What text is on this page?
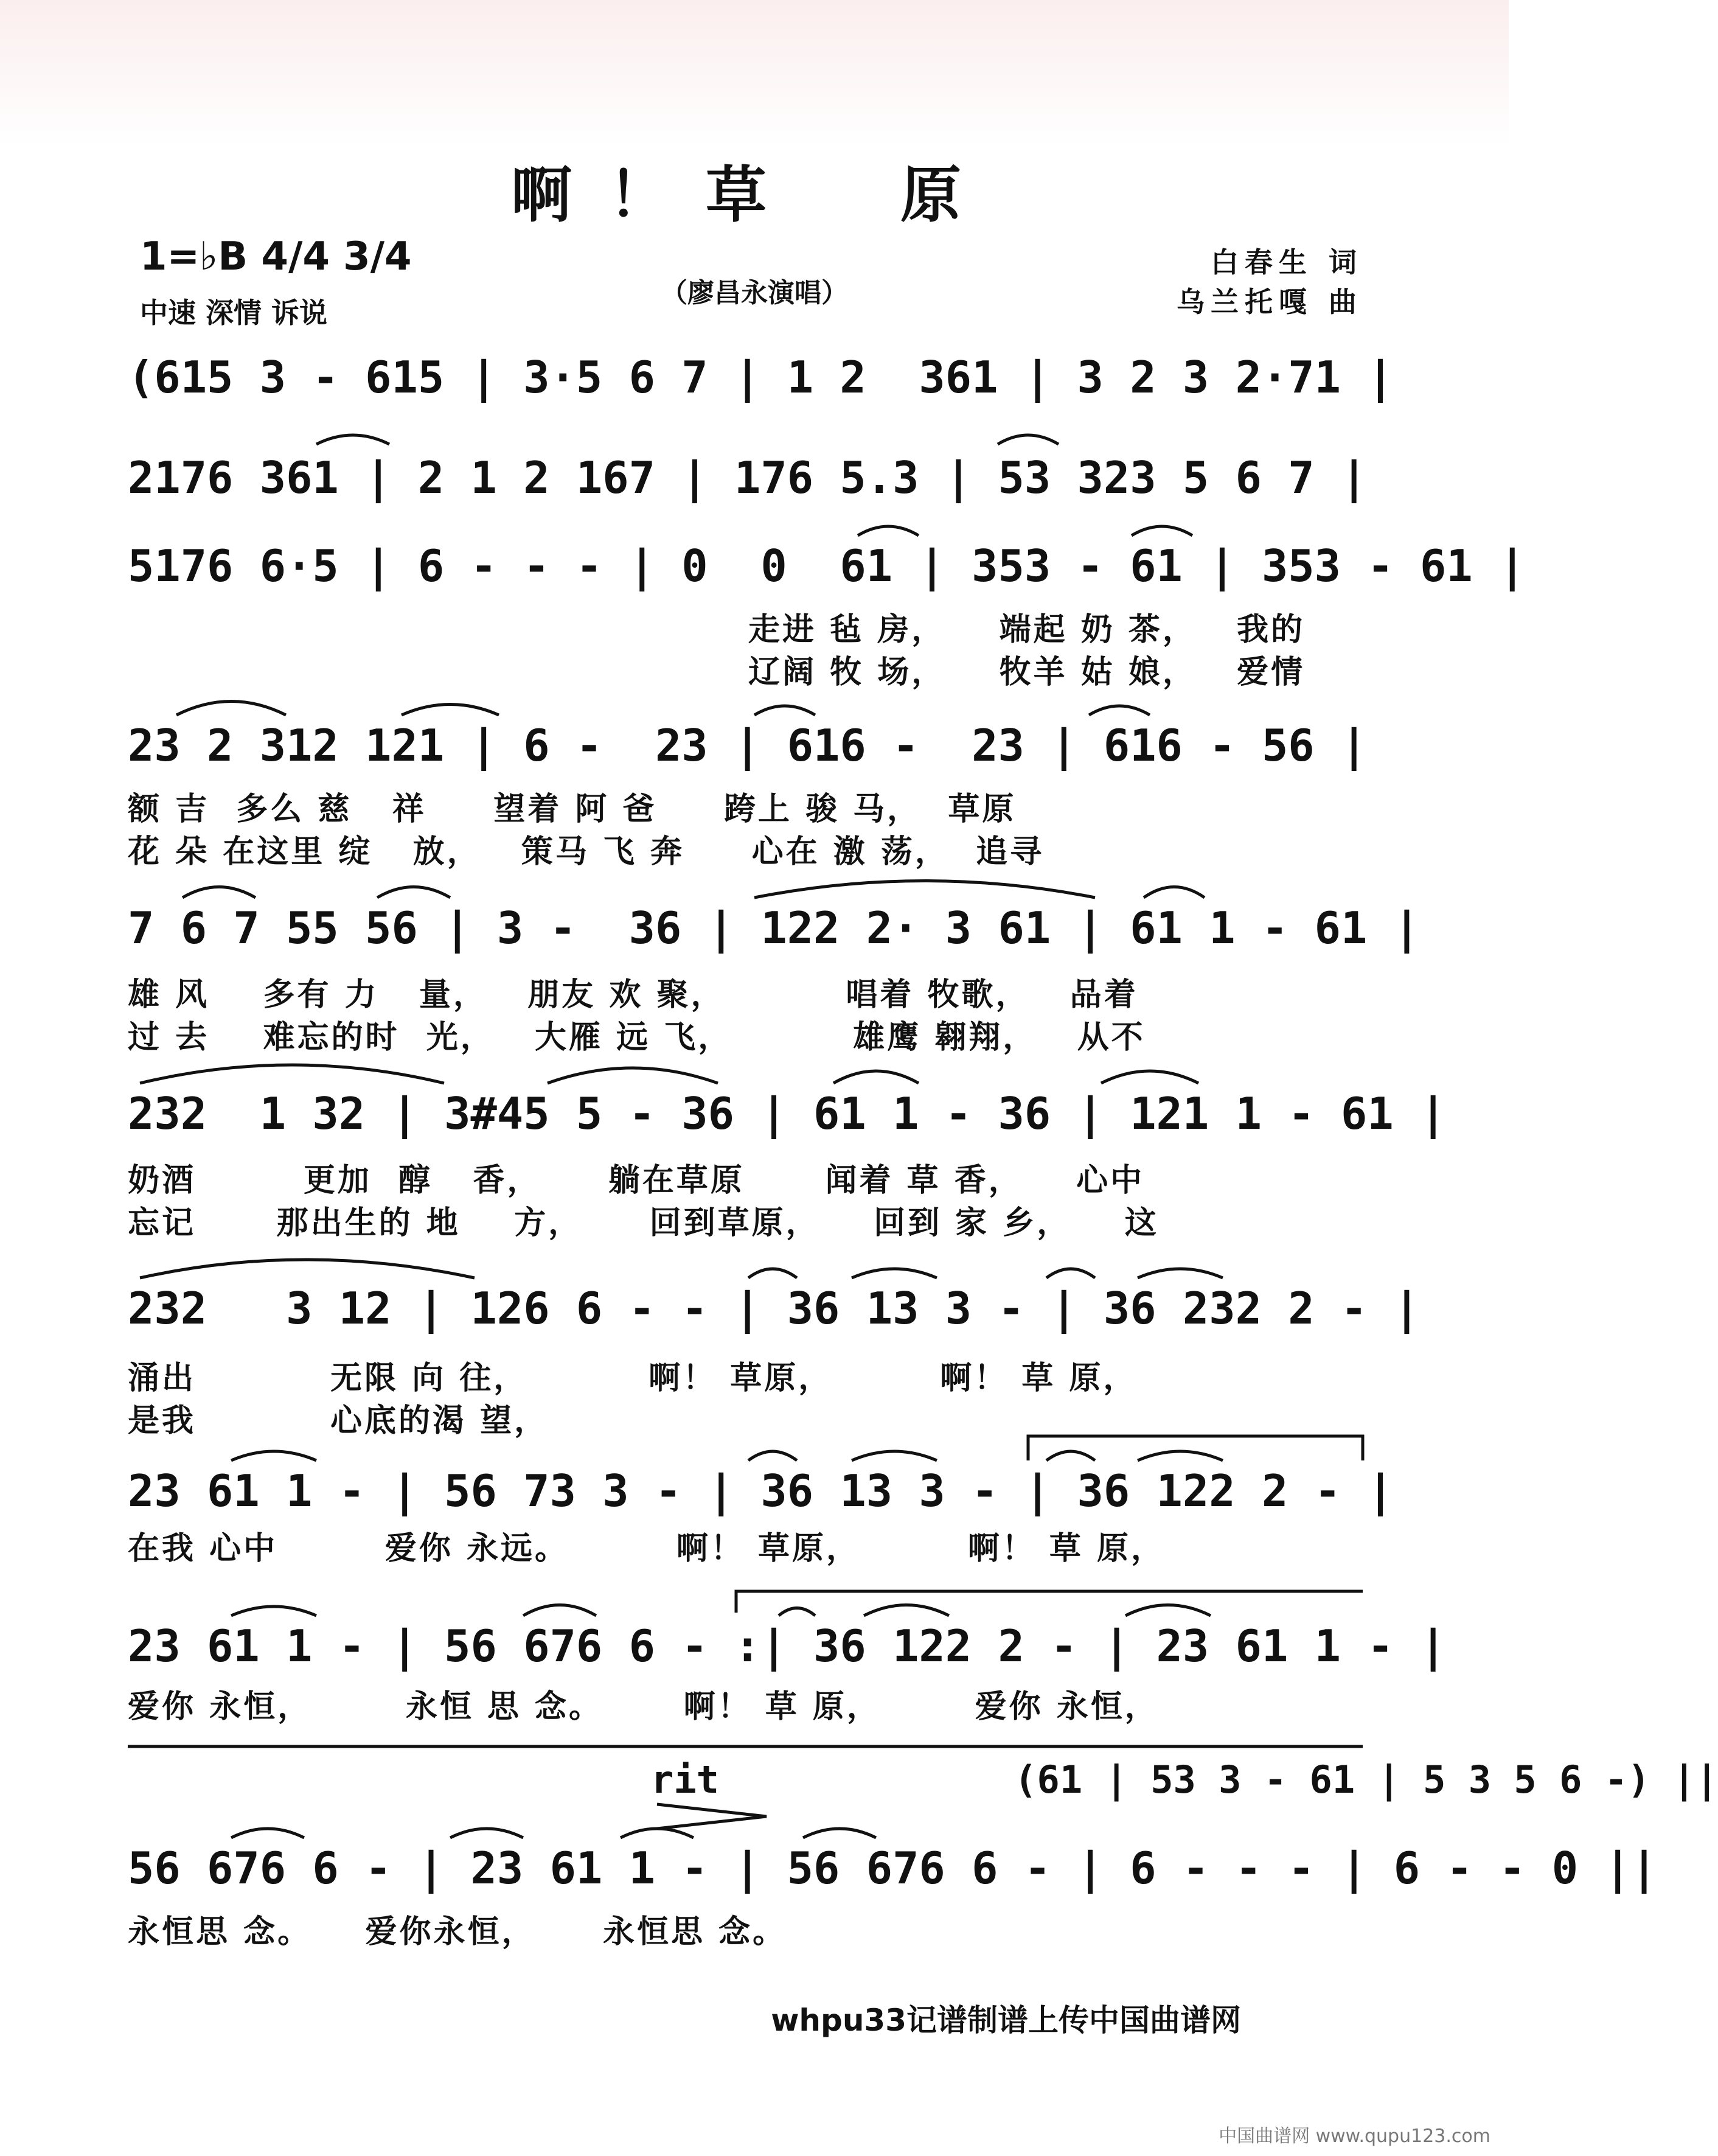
啊！草　原
1=♭B 4/4 3/4
中速 深情 诉说
（廖昌永演唱）
白春生 词
乌兰托嘎 曲
(615 3 - 615 | 3·5 6 7 | 1 2  361 | 3 2 3 2·71 |
2176 361 | 2 1 2 167 | 176 5.3 | 53 323 5 6 7 |
5176 6·5 | 6 - - - | 0  0  61 | 353 - 61 | 353 - 61 |
走进 毡 房，    端起 奶 茶，   我的
辽阔 牧 场，    牧羊 姑 娘，   爱情
23 2 312 121 | 6 -  23 | 616 -  23 | 616 - 56 |
额 吉  多么 慈   祥     望着 阿 爸     跨上 骏 马，  草原
花 朵 在这里 绽   放，   策马 飞 奔     心在 激 荡，  追寻
7 6 7 55 56 | 3 -  36 | 122 2· 3 61 | 61 1 - 61 |
雄 风    多有 力   量，   朋友 欢 聚，         唱着 牧歌，   品着
过 去    难忘的时  光，   大雁 远 飞，         雄鹰 翱翔，   从不
232  1 32 | 3#45 5 - 36 | 61 1 - 36 | 121 1 - 61 |
奶酒        更加  醇   香，     躺在草原      闻着 草 香，    心中
忘记      那出生的 地    方，     回到草原，    回到 家 乡，    这
232   3 12 | 126 6 - - | 36 13 3 - | 36 232 2 - |
涌出          无限 向 往，         啊！ 草原，        啊！ 草 原，
是我          心底的渴 望，
23 61 1 - | 56 73 3 - | 36 13 3 - | 36 122 2 - |
在我 心中        爱你 永远。        啊！ 草原，        啊！ 草 原，
23 61 1 - | 56 676 6 - :| 36 122 2 - | 23 61 1 - |
爱你 永恒，       永恒 思 念。      啊！ 草 原，       爱你 永恒，
rit             (61 | 53 3 - 61 | 5 3 5 6 -) ||
56 676 6 - | 23 61 1 - | 56 676 6 - | 6 - - - | 6 - - 0 ||
永恒思 念。    爱你永恒，     永恒思 念。
whpu33记谱制谱上传中国曲谱网
中国曲谱网 www.qupu123.com
